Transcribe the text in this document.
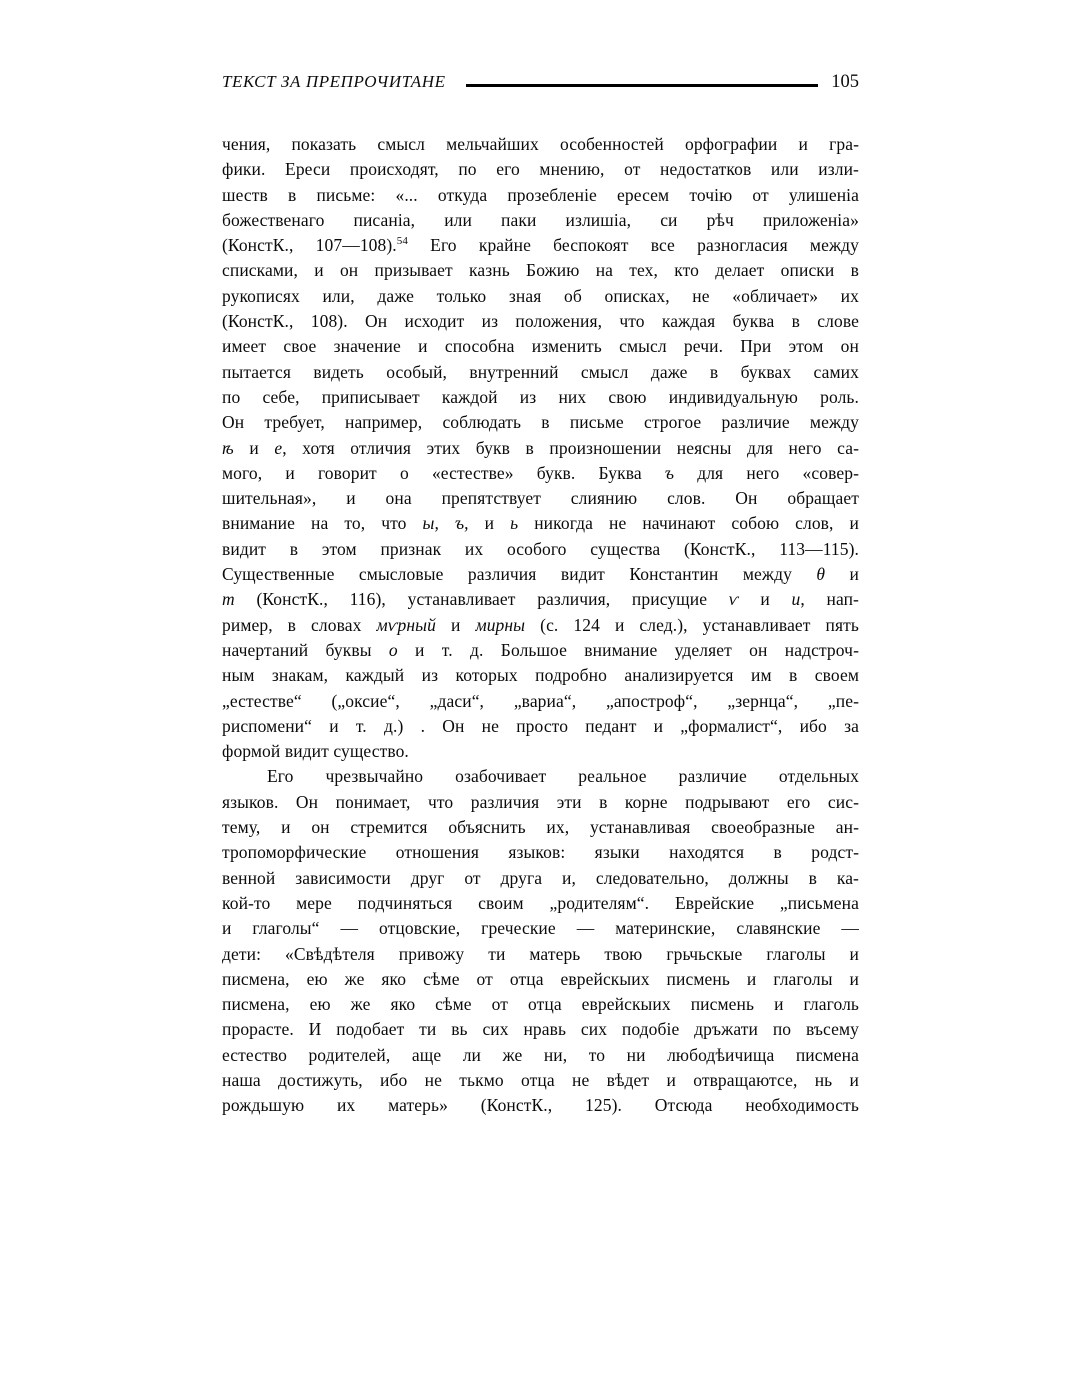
ТЕКСТ ЗА ПРЕПРОЧИТАНЕ	105
чения, показать смысл мельчайших особенностей орфографии и гра-
фики. Ереси происходят, по его мнению, от недостатков или изли-
шеств в письме: «... откуда прозебленіе ересем точію от улишеніа
божественаго писаніа, или паки излишіа, си рѣч приложеніа»
(КонстК., 107—108).$^{54}$ Его крайне беспокоят все разногласия между
списками, и он призывает казнь Божию на тех, кто делает описки в
рукописях или, даже только зная об описках, не «обличает» их
(КонстК., 108). Он исходит из положения, что каждая буква в слове
имеет свое значение и способна изменить смысл речи. При этом он
пытается видеть особый, внутренний смысл даже в буквах самих
по себе, приписывает каждой из них свою индивидуальную роль.
Он требует, например, соблюдать в письме строгое различие между
ѣ и е, хотя отличия этих букв в произношении неясны для него са-
мого, и говорит о «естестве» букв. Буква ъ для него «совер-
шительная», и она препятствует слиянию слов. Он обращает
внимание на то, что ы, ъ, и ь никогда не начинают собою слов, и
видит в этом признак их особого существа (КонстК., 113—115).
Существенные смысловые различия видит Константин между θ и
т (КонстК., 116), устанавливает различия, присущие ѵ и и, нап-
ример, в словах мѵрный и мирны (с. 124 и след.), устанавливает пять
начертаний буквы о и т. д. Большое внимание уделяет он надстроч-
ным знакам, каждый из которых подробно анализируется им в своем
„естестве“ („оксие“, „даси“, „вариа“, „апостроф“, „зернца“, „пе-
риспомени“ и т. д.) . Он не просто педант и „формалист“, ибо за
формой видит существо.
Его чрезвычайно озабочивает реальное различие отдельных
языков. Он понимает, что различия эти в корне подрывают его сис-
тему, и он стремится объяснить их, устанавливая своеобразные ан-
тропоморфические отношения языков: языки находятся в родст-
венной зависимости друг от друга и, следовательно, должны в ка-
кой-то мере подчиняться своим „родителям“. Еврейские „письмена
и глаголы“ — отцовские, греческие — материнские, славянские —
дети: «Свѣдѣтеля привожу ти матерь твою грьчьскые глаголы и
писмена, ею же яко сѣме от отца еврейскыих писмень и глаголы и
писмена, ею же яко сѣме от отца еврейскыих писмень и глаголь
прорасте. И подобает ти вь сих нравь сих подобіе дръжати по въсему
естество родителей, аще ли же ни, то ни любодѣичища писмена
наша достижуть, ибо не тькмо отца не вѣдет и отвращаютсе, нь и
рождьшую их матерь» (КонстК., 125). Отсюда необходимость
